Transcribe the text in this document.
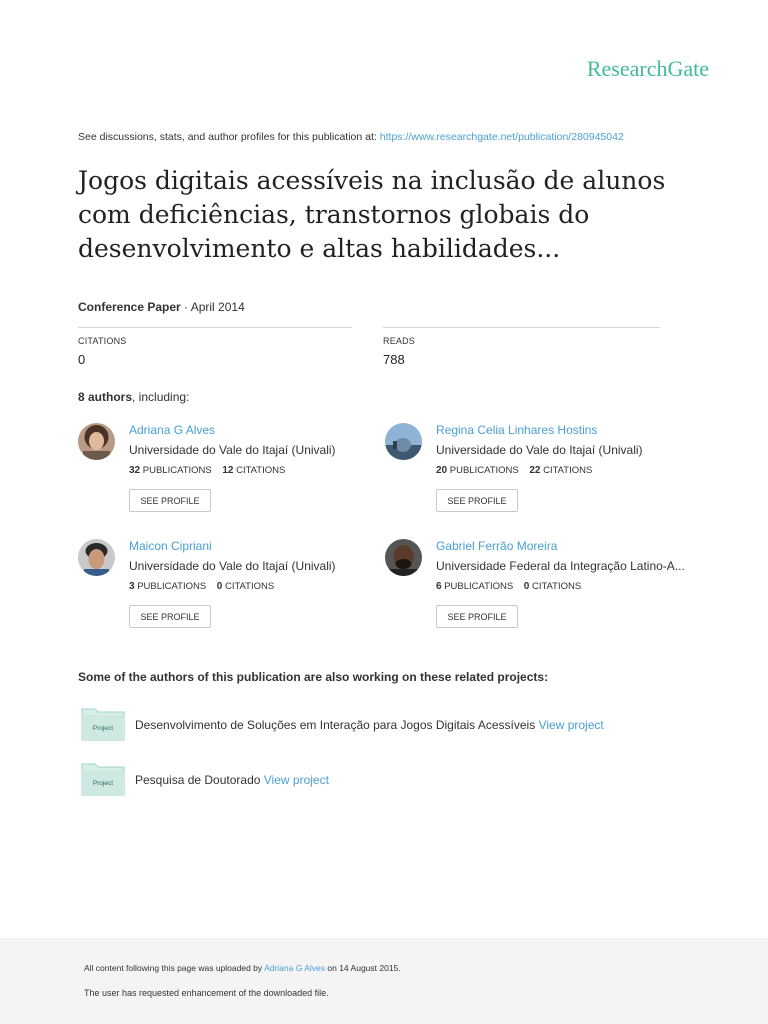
ResearchGate
See discussions, stats, and author profiles for this publication at: https://www.researchgate.net/publication/280945042
Jogos digitais acessíveis na inclusão de alunos com deficiências, transtornos globais do desenvolvimento e altas habilidades...
Conference Paper · April 2014
CITATIONS
0
READS
788
8 authors, including:
Adriana G Alves
Universidade do Vale do Itajaí (Univali)
32 PUBLICATIONS 12 CITATIONS
SEE PROFILE
Regina Celia Linhares Hostins
Universidade do Vale do Itajaí (Univali)
20 PUBLICATIONS 22 CITATIONS
SEE PROFILE
Maicon Cipriani
Universidade do Vale do Itajaí (Univali)
3 PUBLICATIONS 0 CITATIONS
SEE PROFILE
Gabriel Ferrão Moreira
Universidade Federal da Integração Latino-A...
6 PUBLICATIONS 0 CITATIONS
SEE PROFILE
Some of the authors of this publication are also working on these related projects:
Project Desenvolvimento de Soluções em Interação para Jogos Digitais Acessíveis View project
Project Pesquisa de Doutorado View project
All content following this page was uploaded by Adriana G Alves on 14 August 2015.
The user has requested enhancement of the downloaded file.
